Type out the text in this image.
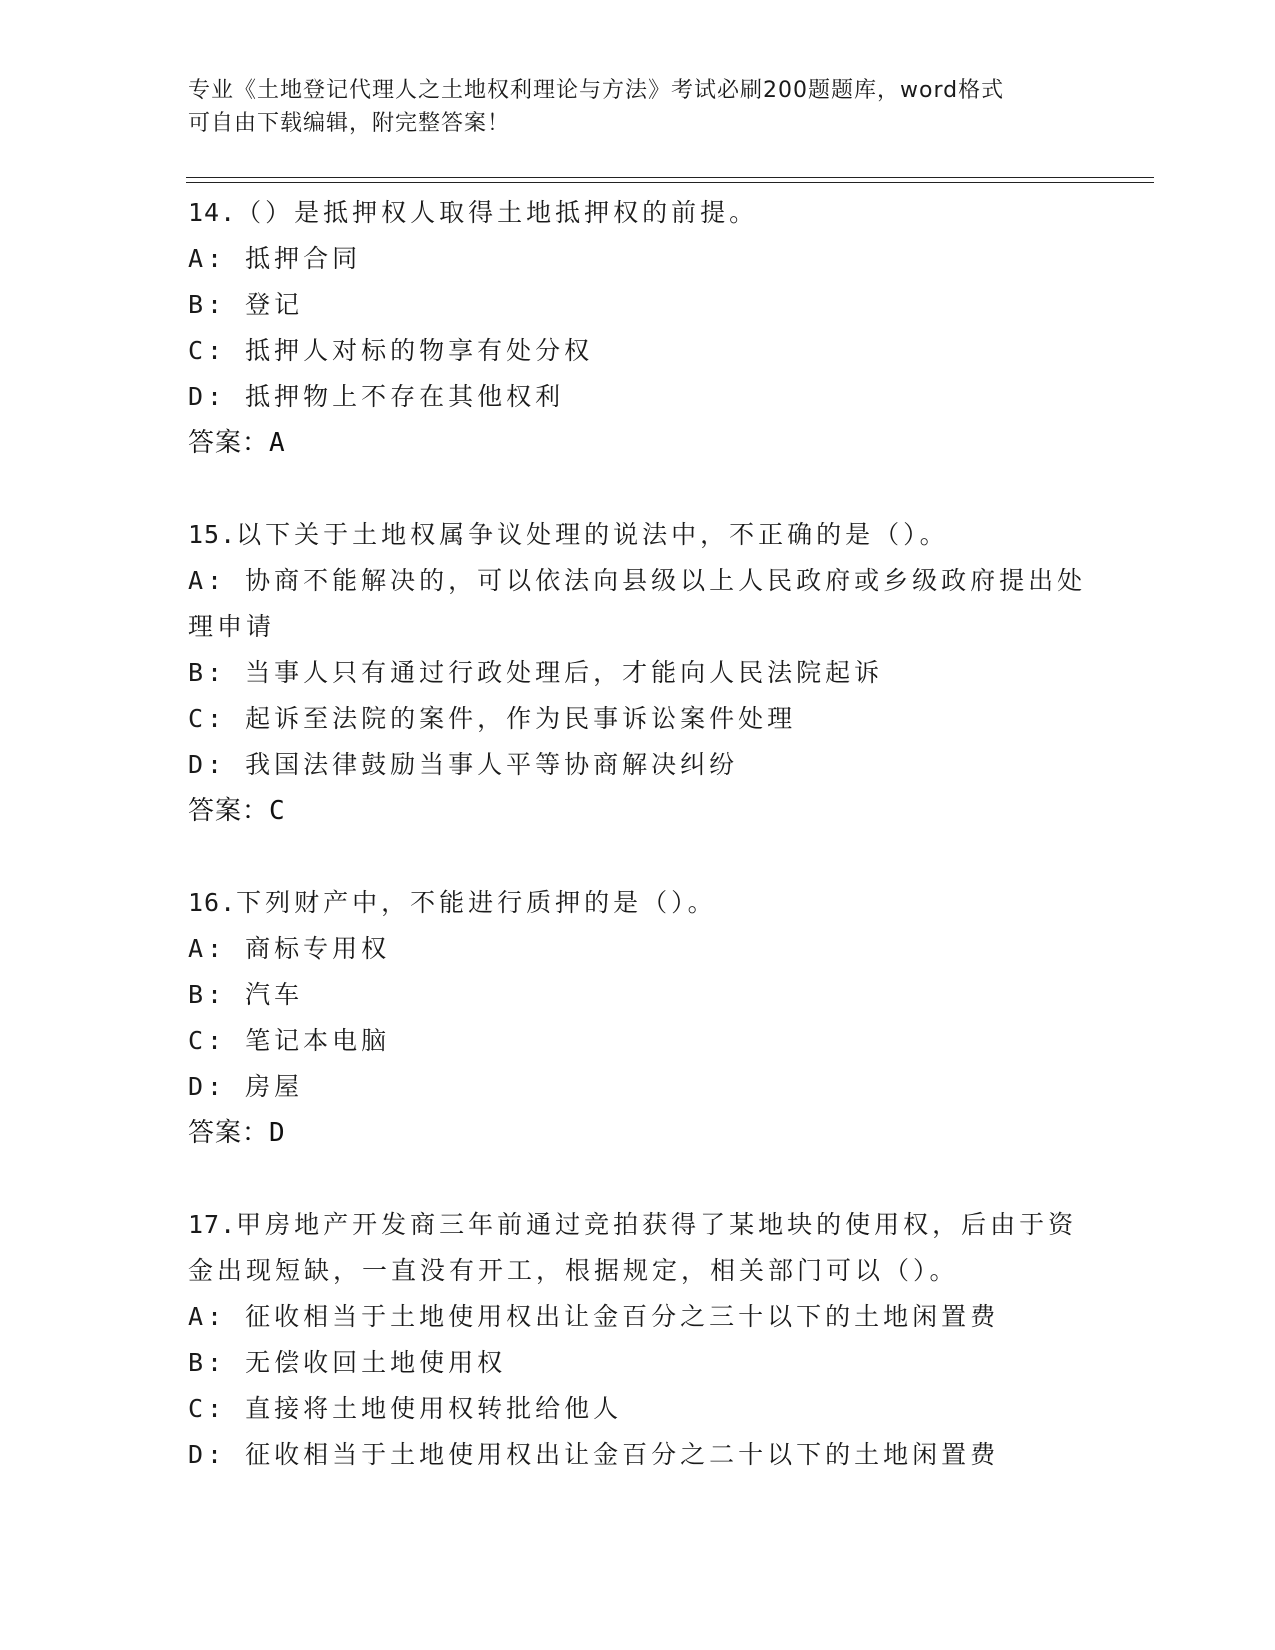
专业《土地登记代理人之土地权利理论与方法》考试必刷200题题库，word格式
可自由下载编辑，附完整答案！
14.（）是抵押权人取得土地抵押权的前提。
A: 抵押合同
B: 登记
C: 抵押人对标的物享有处分权
D: 抵押物上不存在其他权利
答案：A
15.以下关于土地权属争议处理的说法中，不正确的是（）。
A: 协商不能解决的，可以依法向县级以上人民政府或乡级政府提出处理申请
B: 当事人只有通过行政处理后，才能向人民法院起诉
C: 起诉至法院的案件，作为民事诉讼案件处理
D: 我国法律鼓励当事人平等协商解决纠纷
答案：C
16.下列财产中，不能进行质押的是（）。
A: 商标专用权
B: 汽车
C: 笔记本电脑
D: 房屋
答案：D
17.甲房地产开发商三年前通过竞拍获得了某地块的使用权，后由于资金出现短缺，一直没有开工，根据规定，相关部门可以（）。
A: 征收相当于土地使用权出让金百分之三十以下的土地闲置费
B: 无偿收回土地使用权
C: 直接将土地使用权转批给他人
D: 征收相当于土地使用权出让金百分之二十以下的土地闲置费
